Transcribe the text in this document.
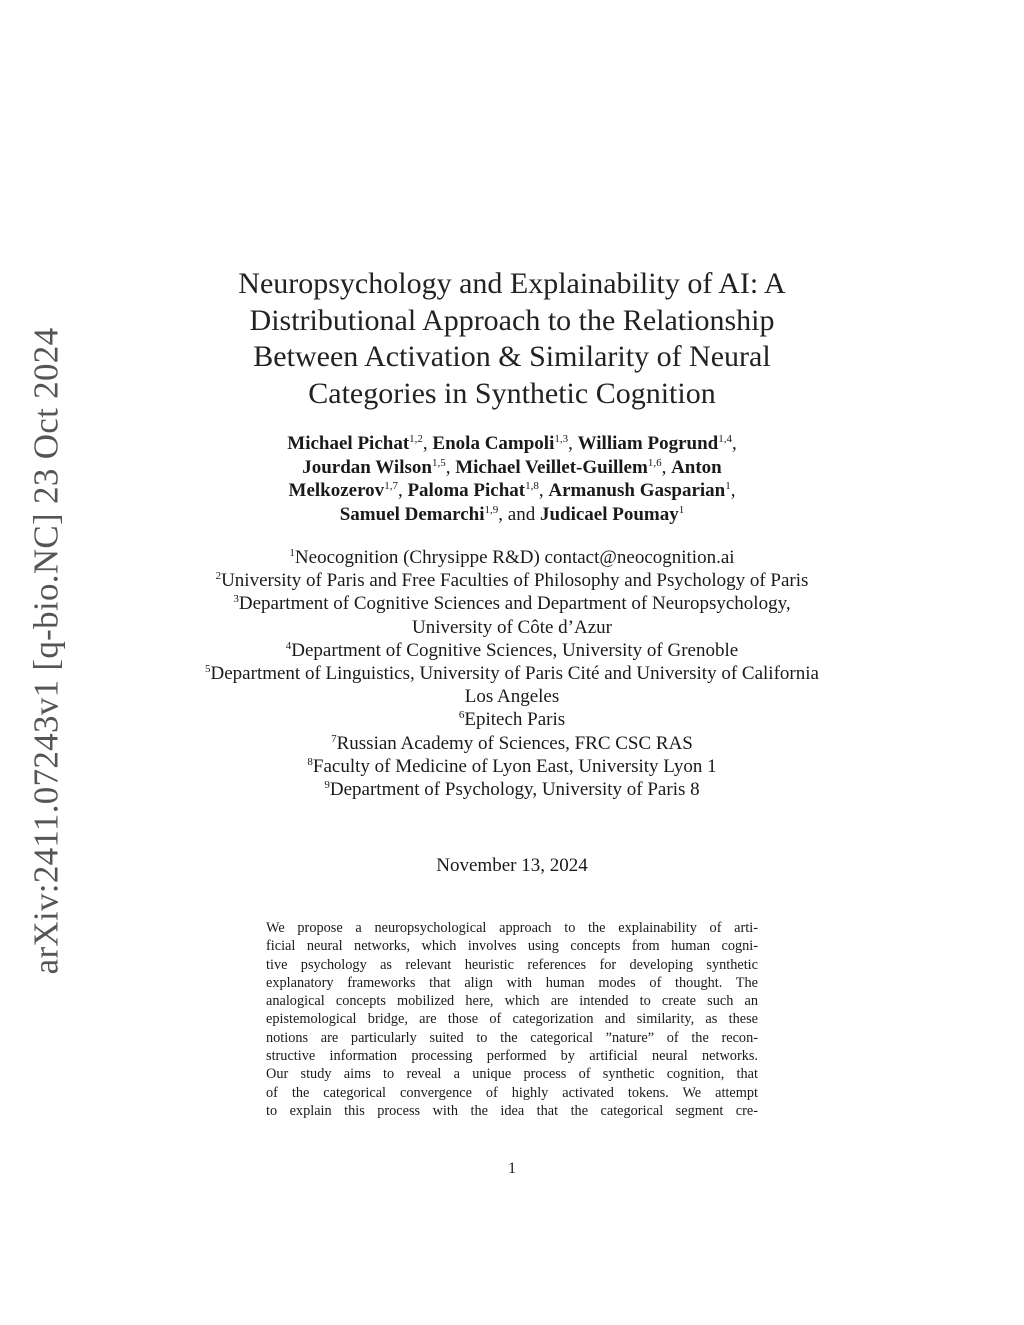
arXiv:2411.07243v1 [q-bio.NC] 23 Oct 2024
Neuropsychology and Explainability of AI: A
Distributional Approach to the Relationship
Between Activation & Similarity of Neural
Categories in Synthetic Cognition
Michael Pichat$^{1,2}$, Enola Campoli$^{1,3}$, William Pogrund$^{1,4}$,
Jourdan Wilson$^{1,5}$, Michael Veillet-Guillem$^{1,6}$, Anton
Melkozerov$^{1,7}$, Paloma Pichat$^{1,8}$, Armanush Gasparian$^1$,
Samuel Demarchi$^{1,9}$, and Judicael Poumay$^1$
$^1$Neocognition (Chrysippe R&D) contact@neocognition.ai
$^2$University of Paris and Free Faculties of Philosophy and Psychology of Paris
$^3$Department of Cognitive Sciences and Department of Neuropsychology, University of Côte d’Azur
$^4$Department of Cognitive Sciences, University of Grenoble
$^5$Department of Linguistics, University of Paris Cité and University of California Los Angeles
$^6$Epitech Paris
$^7$Russian Academy of Sciences, FRC CSC RAS
$^8$Faculty of Medicine of Lyon East, University Lyon 1
$^9$Department of Psychology, University of Paris 8
November 13, 2024
We propose a neuropsychological approach to the explainability of arti-
ficial neural networks, which involves using concepts from human cogni-
tive psychology as relevant heuristic references for developing synthetic
explanatory frameworks that align with human modes of thought. The
analogical concepts mobilized here, which are intended to create such an
epistemological bridge, are those of categorization and similarity, as these
notions are particularly suited to the categorical ”nature” of the recon-
structive information processing performed by artificial neural networks.
Our study aims to reveal a unique process of synthetic cognition, that
of the categorical convergence of highly activated tokens. We attempt
to explain this process with the idea that the categorical segment cre-
1
